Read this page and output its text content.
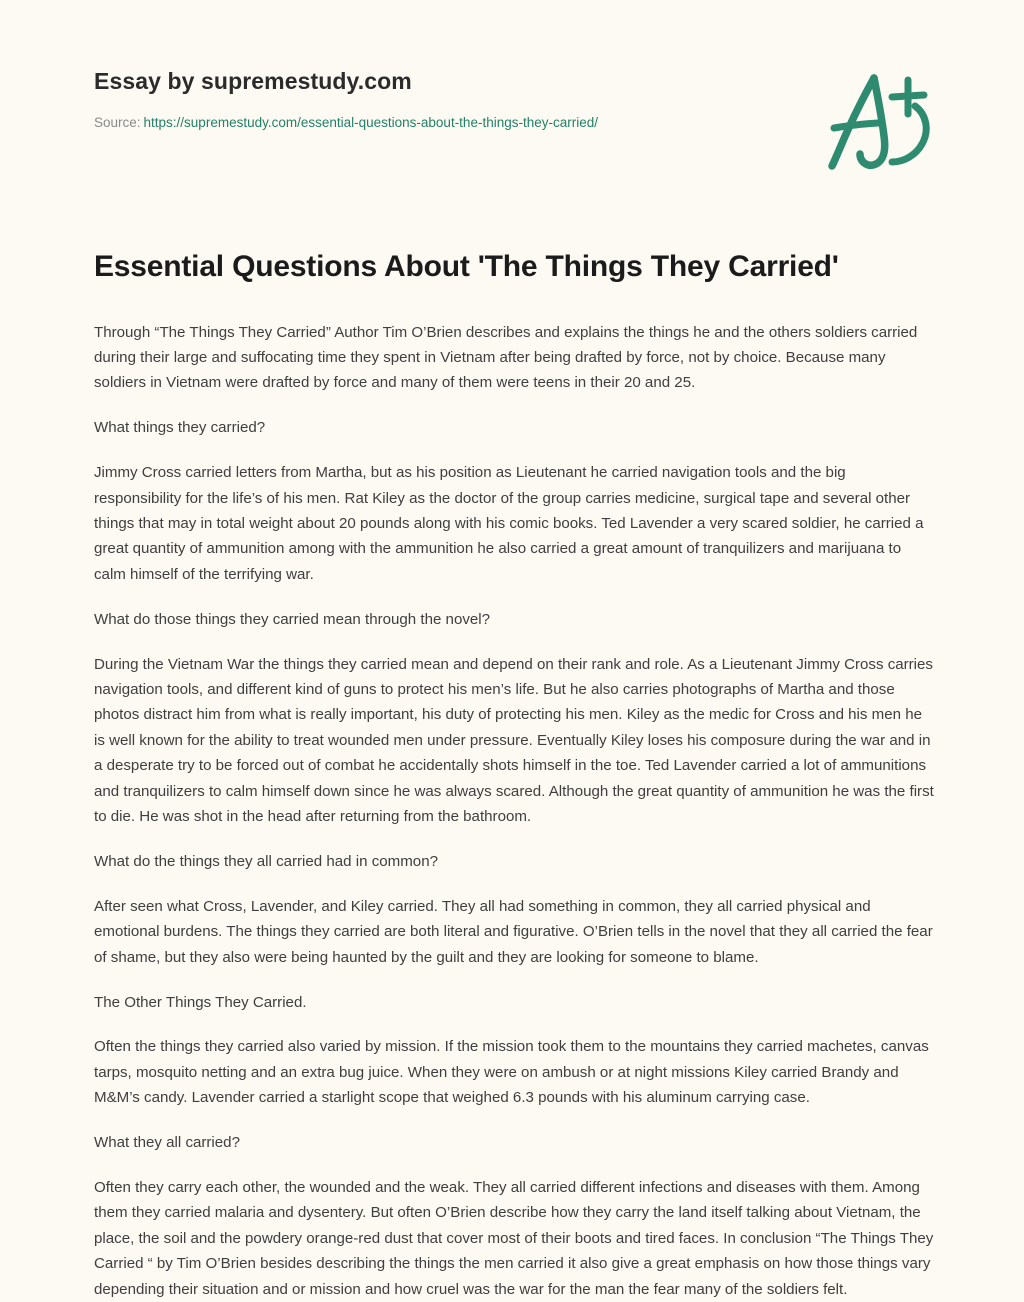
Essay by supremestudy.com
Source: https://supremestudy.com/essential-questions-about-the-things-they-carried/
Essential Questions About 'The Things They Carried'

Through “The Things They Carried” Author Tim O’Brien describes and explains the things he and the others soldiers carried during their large and suffocating time they spent in Vietnam after being drafted by force, not by choice. Because many soldiers in Vietnam were drafted by force and many of them were teens in their 20 and 25.

What things they carried?

Jimmy Cross carried letters from Martha, but as his position as Lieutenant he carried navigation tools and the big responsibility for the life’s of his men. Rat Kiley as the doctor of the group carries medicine, surgical tape and several other things that may in total weight about 20 pounds along with his comic books. Ted Lavender a very scared soldier, he carried a great quantity of ammunition among with the ammunition he also carried a great amount of tranquilizers and marijuana to calm himself of the terrifying war.

What do those things they carried mean through the novel?

During the Vietnam War the things they carried mean and depend on their rank and role. As a Lieutenant Jimmy Cross carries navigation tools, and different kind of guns to protect his men’s life. But he also carries photographs of Martha and those photos distract him from what is really important, his duty of protecting his men. Kiley as the medic for Cross and his men he is well known for the ability to treat wounded men under pressure. Eventually Kiley loses his composure during the war and in a desperate try to be forced out of combat he accidentally shots himself in the toe. Ted Lavender carried a lot of ammunitions and tranquilizers to calm himself down since he was always scared. Although the great quantity of ammunition he was the first to die. He was shot in the head after returning from the bathroom.

What do the things they all carried had in common?

After seen what Cross, Lavender, and Kiley carried. They all had something in common, they all carried physical and emotional burdens. The things they carried are both literal and figurative. O’Brien tells in the novel that they all carried the fear of shame, but they also were being haunted by the guilt and they are looking for someone to blame.

The Other Things They Carried.

Often the things they carried also varied by mission. If the mission took them to the mountains they carried machetes, canvas tarps, mosquito netting and an extra bug juice. When they were on ambush or at night missions Kiley carried Brandy and M&M’s candy. Lavender carried a starlight scope that weighed 6.3 pounds with his aluminum carrying case.

What they all carried?

Often they carry each other, the wounded and the weak. They all carried different infections and diseases with them. Among them they carried malaria and dysentery. But often O’Brien describe how they carry the land itself talking about Vietnam, the place, the soil and the powdery orange-red dust that cover most of their boots and tired faces. In conclusion “The Things They Carried “ by Tim O’Brien besides describing the things the men carried it also give a great emphasis on how those things vary depending their situation and or mission and how cruel was the war for the man the fear many of the soldiers felt.
